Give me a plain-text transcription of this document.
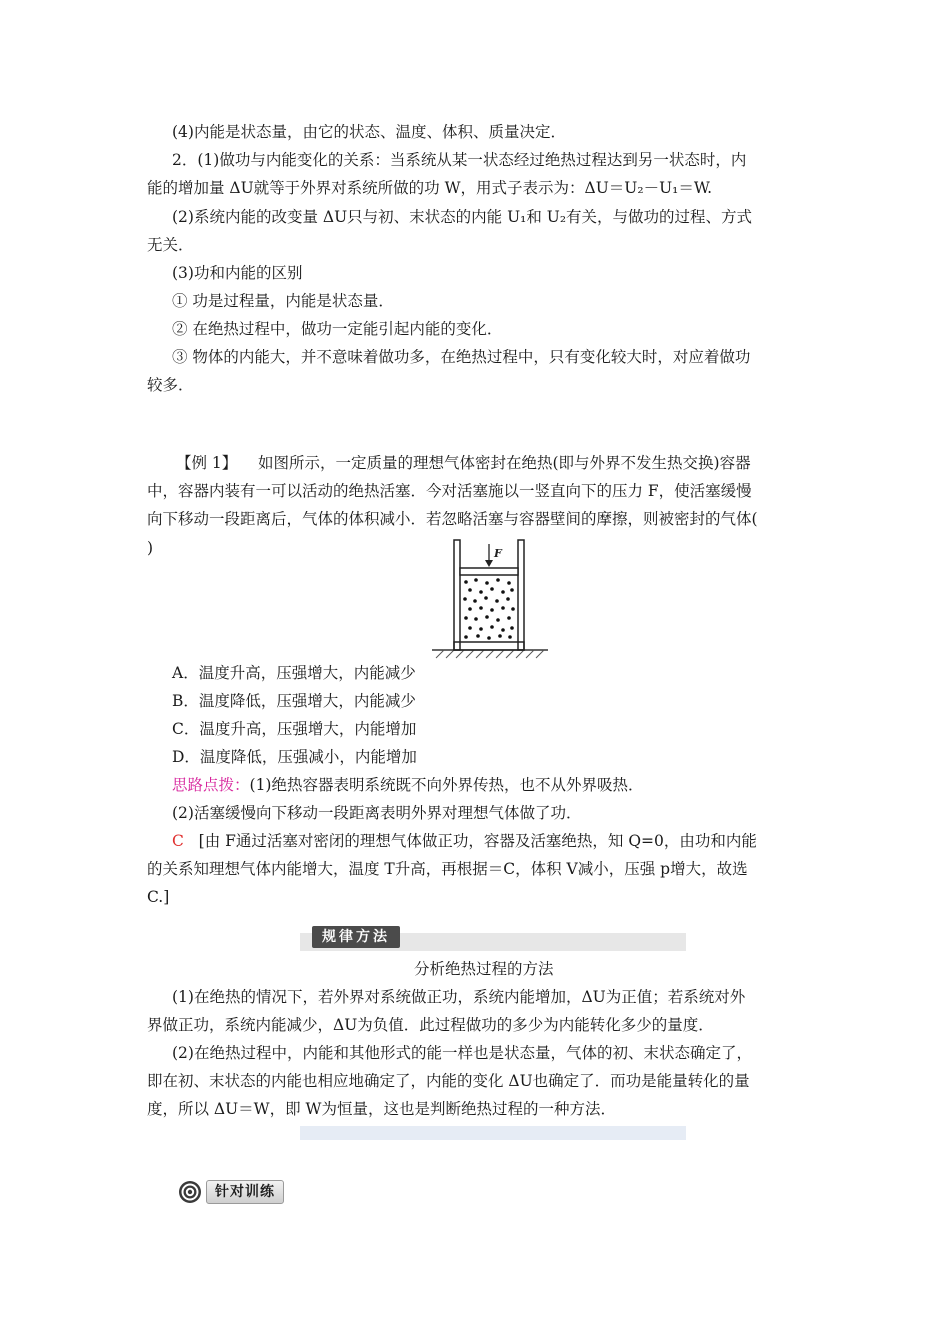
(4)内能是状态量，由它的状态、温度、体积、质量决定．
2．(1)做功与内能变化的关系：当系统从某一状态经过绝热过程达到另一状态时，内
能的增加量 ΔU就等于外界对系统所做的功 W，用式子表示为：ΔU＝U₂－U₁＝W.
(2)系统内能的改变量 ΔU只与初、末状态的内能 U₁和 U₂有关，与做功的过程、方式
无关．
(3)功和内能的区别
① 功是过程量，内能是状态量．
② 在绝热过程中，做功一定能引起内能的变化．
③ 物体的内能大，并不意味着做功多，在绝热过程中，只有变化较大时，对应着做功
较多．
【例 1】 如图所示，一定质量的理想气体密封在绝热(即与外界不发生热交换)容器
中，容器内装有一可以活动的绝热活塞．今对活塞施以一竖直向下的压力 F，使活塞缓慢
向下移动一段距离后，气体的体积减小．若忽略活塞与容器壁间的摩擦，则被密封的气体(
)	F
A．温度升高，压强增大，内能减少
B．温度降低，压强增大，内能减少
C．温度升高，压强增大，内能增加
D．温度降低，压强减小，内能增加
思路点拨：(1)绝热容器表明系统既不向外界传热，也不从外界吸热．
(2)活塞缓慢向下移动一段距离表明外界对理想气体做了功．
C [由 F通过活塞对密闭的理想气体做正功，容器及活塞绝热，知 Q=0，由功和内能
的关系知理想气体内能增大，温度 T升高，再根据＝C，体积 V减小，压强 p增大，故选
C.]
规律方法
分析绝热过程的方法
(1)在绝热的情况下，若外界对系统做正功，系统内能增加，ΔU为正值；若系统对外
界做正功，系统内能减少，ΔU为负值．此过程做功的多少为内能转化多少的量度．
(2)在绝热过程中，内能和其他形式的能一样也是状态量，气体的初、末状态确定了，
即在初、末状态的内能也相应地确定了，内能的变化 ΔU也确定了．而功是能量转化的量
度，所以 ΔU＝W，即 W为恒量，这也是判断绝热过程的一种方法．
针对训练
